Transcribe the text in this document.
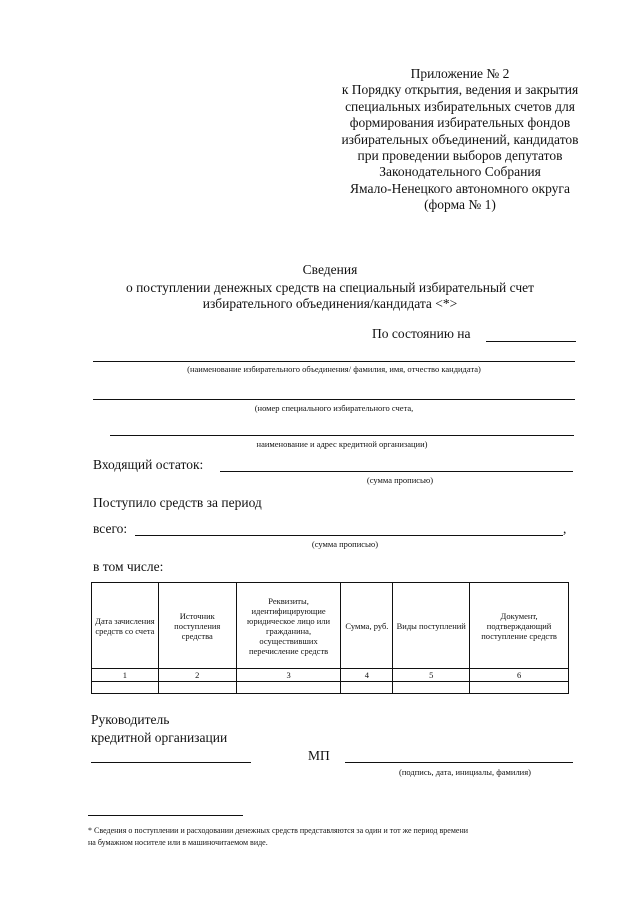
Приложение № 2
к Порядку открытия, ведения и закрытия
специальных избирательных счетов для
формирования избирательных фондов
избирательных объединений, кандидатов
при проведении выборов депутатов
Законодательного Собрания
Ямало-Ненецкого автономного округа
(форма № 1)
Сведения
о поступлении денежных средств на специальный избирательный счет
избирательного объединения/кандидата <*>
По состоянию на
(наименование избирательного объединения/ фамилия, имя, отчество кандидата)
(номер специального избирательного счета,
наименование и адрес кредитной организации)
Входящий остаток:
(сумма прописью)
Поступило средств за период
всего:	,
(сумма прописью)
в том числе:
Дата зачисления средств со счета	Источник поступления средства	Реквизиты, идентифицирующие юридическое лицо или гражданина, осуществивших перечисление средств	Сумма, руб.	Виды поступлений	Документ, подтверждающий поступление средств
1	2	3	4	5	6

Руководитель
кредитной организации
МП
(подпись, дата, инициалы, фамилия)
* Сведения о поступлении и расходовании денежных средств представляются за один и тот же период времени
на бумажном носителе или в машиночитаемом виде.
